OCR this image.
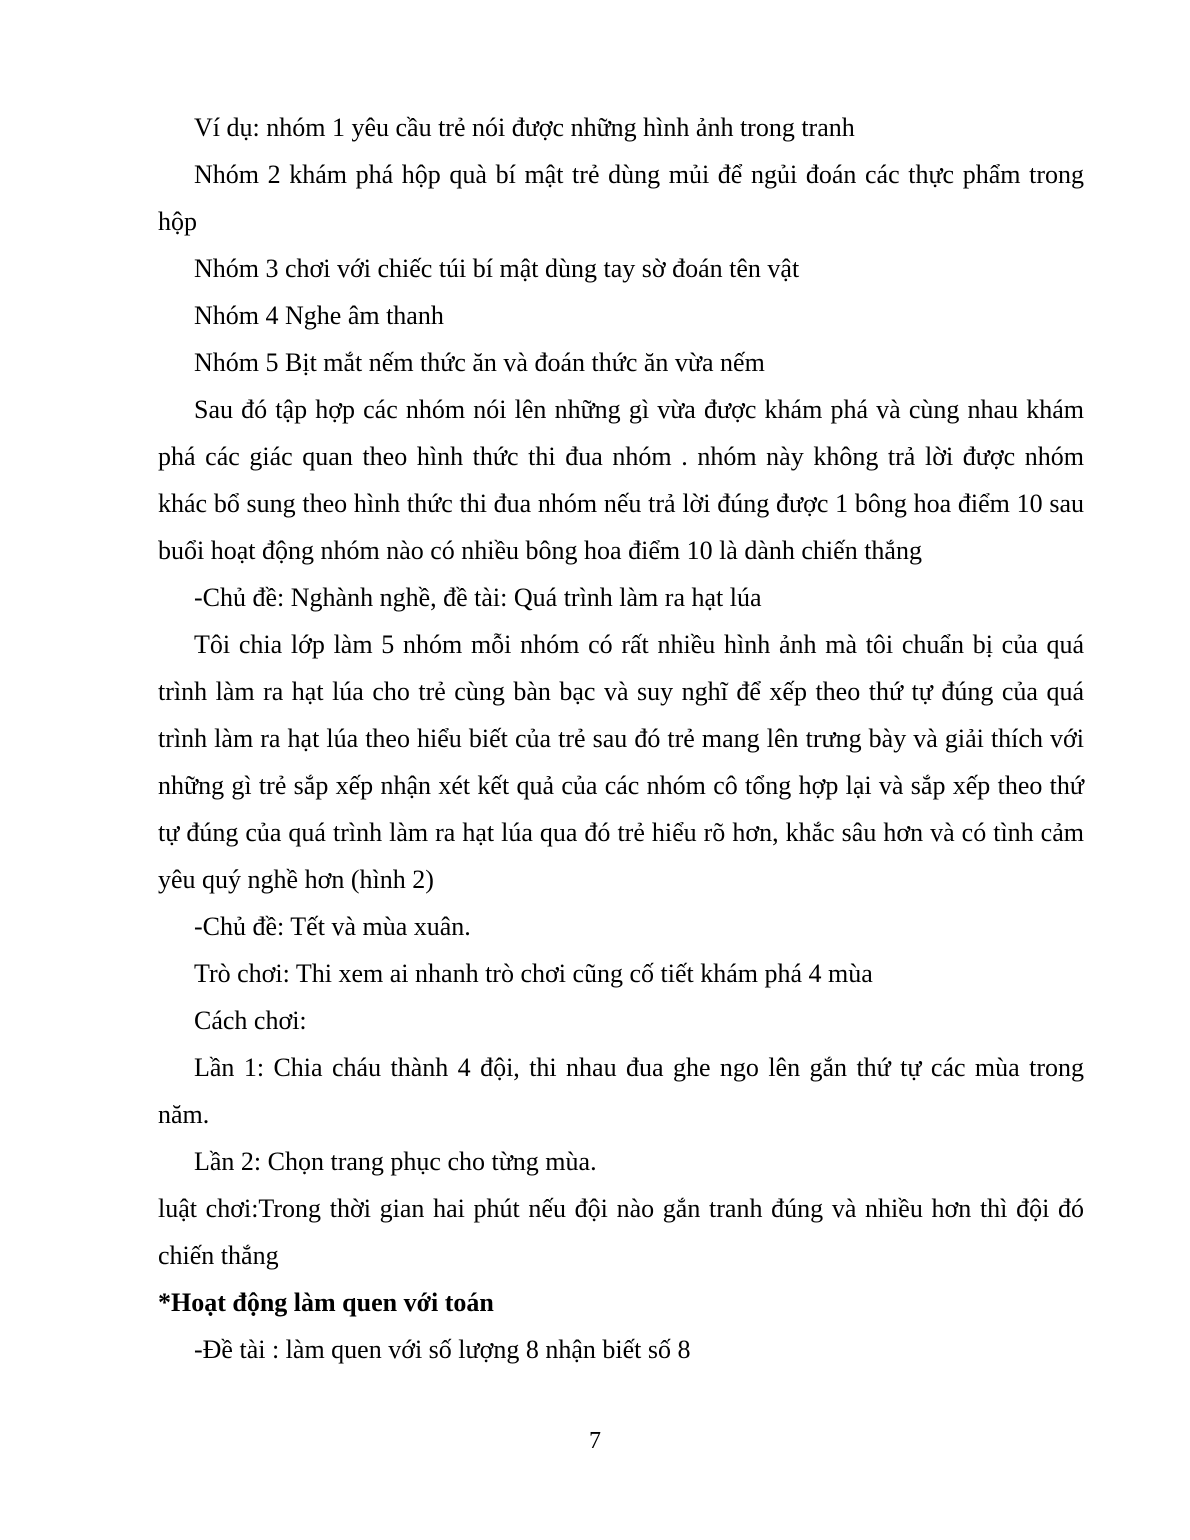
Ví dụ: nhóm 1 yêu cầu trẻ nói được những hình ảnh trong tranh

Nhóm 2 khám phá hộp quà bí mật trẻ dùng mủi để ngủi đoán các thực phẩm trong hộp

Nhóm 3 chơi với chiếc túi bí mật dùng tay sờ đoán tên vật

Nhóm 4 Nghe âm thanh

Nhóm 5 Bịt mắt nếm thức ăn và đoán thức ăn vừa nếm

Sau đó tập hợp các nhóm nói lên những gì vừa được khám phá và cùng nhau khám phá các giác quan theo hình thức thi đua nhóm . nhóm này không trả lời được nhóm khác bổ sung theo hình thức thi đua nhóm nếu trả lời đúng được 1 bông hoa điểm 10 sau buổi hoạt động nhóm nào có nhiều bông hoa điểm 10 là dành chiến thắng

-Chủ đề: Nghành nghề, đề tài: Quá trình làm ra hạt lúa

Tôi chia lớp làm 5 nhóm mỗi nhóm có rất nhiều hình ảnh mà tôi chuẩn bị của quá trình làm ra hạt lúa cho trẻ cùng bàn bạc và suy nghĩ để xếp theo thứ tự đúng của quá trình làm ra hạt lúa theo hiểu biết của trẻ sau đó trẻ mang lên trưng bày và giải thích với những gì trẻ sắp xếp nhận xét kết quả của các nhóm cô tổng hợp lại và sắp xếp theo thứ tự đúng của quá trình làm ra hạt lúa qua đó trẻ hiểu rõ hơn, khắc sâu hơn và có tình cảm yêu quý nghề hơn (hình 2)

-Chủ đề: Tết và mùa xuân.

Trò chơi: Thi xem ai nhanh trò chơi cũng cố tiết khám phá 4 mùa

Cách chơi:

Lần 1: Chia cháu thành 4 đội, thi nhau đua ghe ngo lên gắn thứ tự các mùa trong năm.

Lần 2: Chọn trang phục cho từng mùa.

luật chơi:Trong thời gian hai phút nếu đội nào gắn tranh đúng và nhiều hơn thì đội đó chiến thắng

*Hoạt động làm quen với toán

-Đề tài : làm quen với số lượng 8 nhận biết số 8

7
